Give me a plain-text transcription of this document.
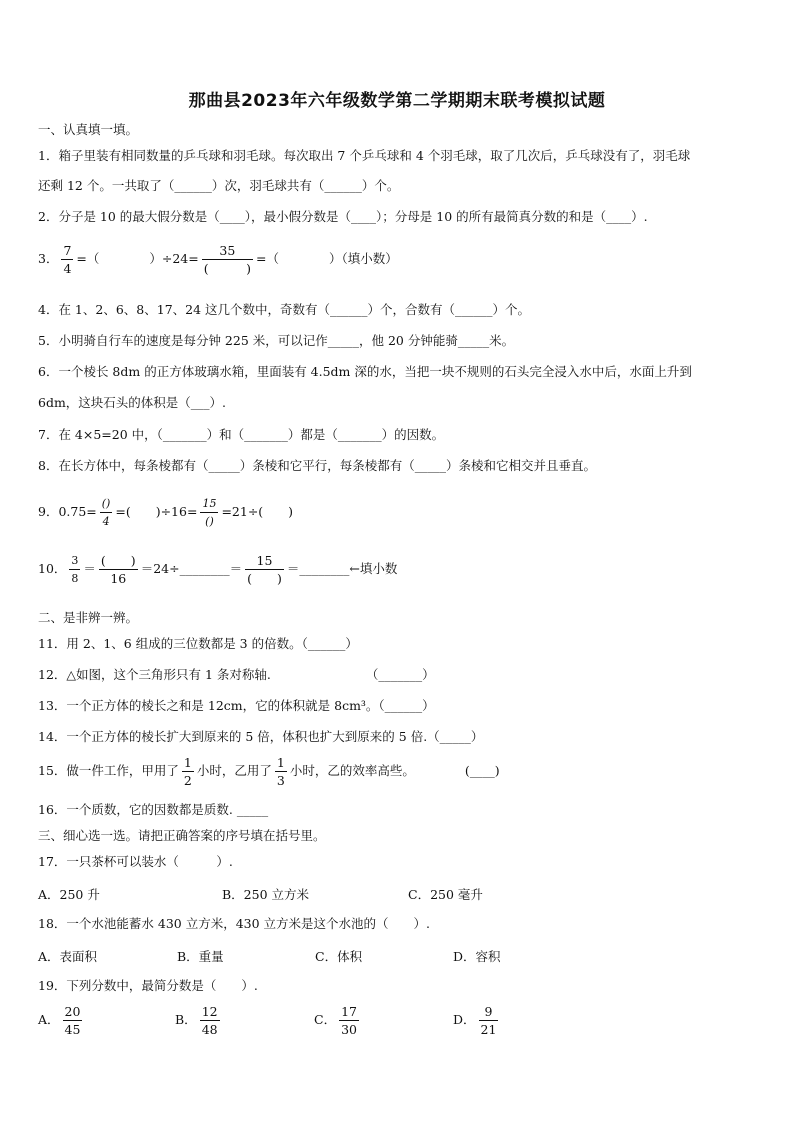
那曲县2023年六年级数学第二学期期末联考模拟试题
一、认真填一填。
1．箱子里装有相同数量的乒乓球和羽毛球。每次取出 7 个乒乓球和 4 个羽毛球，取了几次后，乒乓球没有了，羽毛球
还剩 12 个。一共取了（______）次，羽毛球共有（______）个。
2．分子是 10 的最大假分数是（____），最小假分数是（____）；分母是 10 的所有最简真分数的和是（____）.
3． $\frac{7}{4}$ =（　　　　）$\div 24= \frac{35}{( )}$ =（　　　　）（填小数）
4．在 1、2、6、8、17、24 这几个数中，奇数有（______）个，合数有（______）个。
5．小明骑自行车的速度是每分钟 225 米，可以记作_____，他 20 分钟能骑_____米。
6．一个棱长 8dm 的正方体玻璃水箱，里面装有 4.5dm 深的水，当把一块不规则的石头完全浸入水中后，水面上升到
6dm，这块石头的体积是（___）.
7．在 4×5=20 中，（_______）和（_______）都是（_______）的因数。
8．在长方体中，每条棱都有（_____）条棱和它平行，每条棱都有（_____）条棱和它相交并且垂直。
9．$0.75= \frac{()}{4}$ =(　　)$\div 16= \frac{15}{()} =21\div$(　　)
10． $\frac{3}{8} = \frac{( )}{16}$ ＝24÷________＝ $\frac{15}{( )}$ ＝________←填小数
二、是非辨一辨。
11．用 2、1、6 组成的三位数都是 3 的倍数。（______）
12．△如图，这个三角形只有 1 条对称轴.	（_______）
13．一个正方体的棱长之和是 12cm，它的体积就是 8cm³。（______）
14．一个正方体的棱长扩大到原来的 5 倍，体积也扩大到原来的 5 倍.（_____）
15．做一件工作，甲用了 $\frac{1}{2}$ 小时，乙用了 $\frac{1}{3}$ 小时，乙的效率高些。	(____)
16．一个质数，它的因数都是质数. _____
三、细心选一选。请把正确答案的序号填在括号里。
17．一只茶杯可以装水（　　　）.
A．250 升	B．250 立方米	C．250 毫升
18．一个水池能蓄水 430 立方米，430 立方米是这个水池的（　　）.
A．表面积	B．重量	C．体积	D．容积
19．下列分数中，最简分数是（　　）.
A． $\frac{20}{45}$	B． $\frac{12}{48}$	C． $\frac{17}{30}$	D． $\frac{9}{21}$
